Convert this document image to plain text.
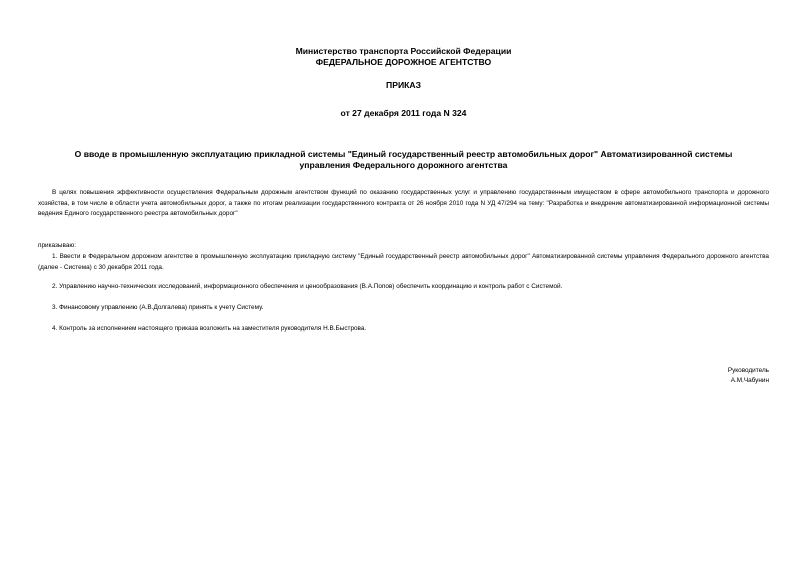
Министерство транспорта Российской Федерации
ФЕДЕРАЛЬНОЕ ДОРОЖНОЕ АГЕНТСТВО
ПРИКАЗ
от 27 декабря 2011 года N 324
О вводе в промышленную эксплуатацию прикладной системы "Единый государственный реестр автомобильных дорог" Автоматизированной системы
управления Федерального дорожного агентства

В целях повышения эффективности осуществления Федеральным дорожным агентством функций по оказанию государственных услуг и управлению государственным имуществом в сфере автомобильного транспорта и дорожного хозяйства, в том числе в области учета автомобильных дорог, а также по итогам реализации государственного контракта от 26 ноября 2010 года N УД 47/294 на тему: "Разработка и внедрение автоматизированной информационной системы ведения Единого государственного реестра автомобильных дорог"

приказываю:

1. Ввести в Федеральном дорожном агентстве в промышленную эксплуатацию прикладную систему "Единый государственный реестр автомобильных дорог" Автоматизированной системы управления Федерального дорожного агентства (далее - Система) с 30 декабря 2011 года.

2. Управлению научно-технических исследований, информационного обеспечения и ценообразования (В.А.Попов) обеспечить координацию и контроль работ с Системой.

3. Финансовому управлению (А.В.Долгалева) принять к учету Систему.

4. Контроль за исполнением настоящего приказа возложить на заместителя руководителя Н.В.Быстрова.

Руководитель
А.М.Чабунин
